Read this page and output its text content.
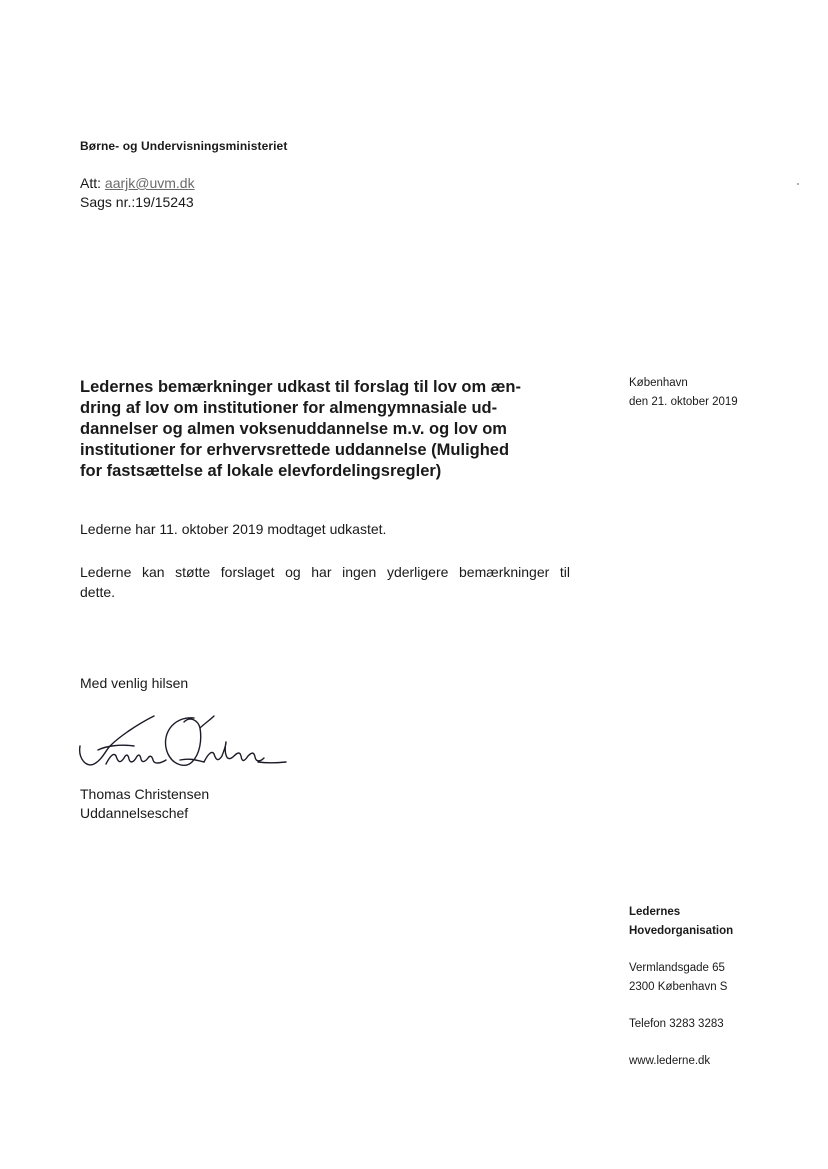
Børne- og Undervisningsministeriet
Att: aarjk@uvm.dk
Sags nr.:19/15243
Ledernes bemærkninger udkast til forslag til lov om æn-
dring af lov om institutioner for almengymnasiale ud-
dannelser og almen voksenuddannelse m.v. og lov om
institutioner for erhvervsrettede uddannelse (Mulighed
for fastsættelse af lokale elevfordelingsregler)
København
den 21. oktober 2019
Lederne har 11. oktober 2019 modtaget udkastet.
Lederne kan støtte forslaget og har ingen yderligere bemærkninger til
dette.
Med venlig hilsen
Thomas Christensen
Uddannelseschef
Ledernes
Hovedorganisation
Vermlandsgade 65
2300 København S
Telefon 3283 3283
www.lederne.dk
